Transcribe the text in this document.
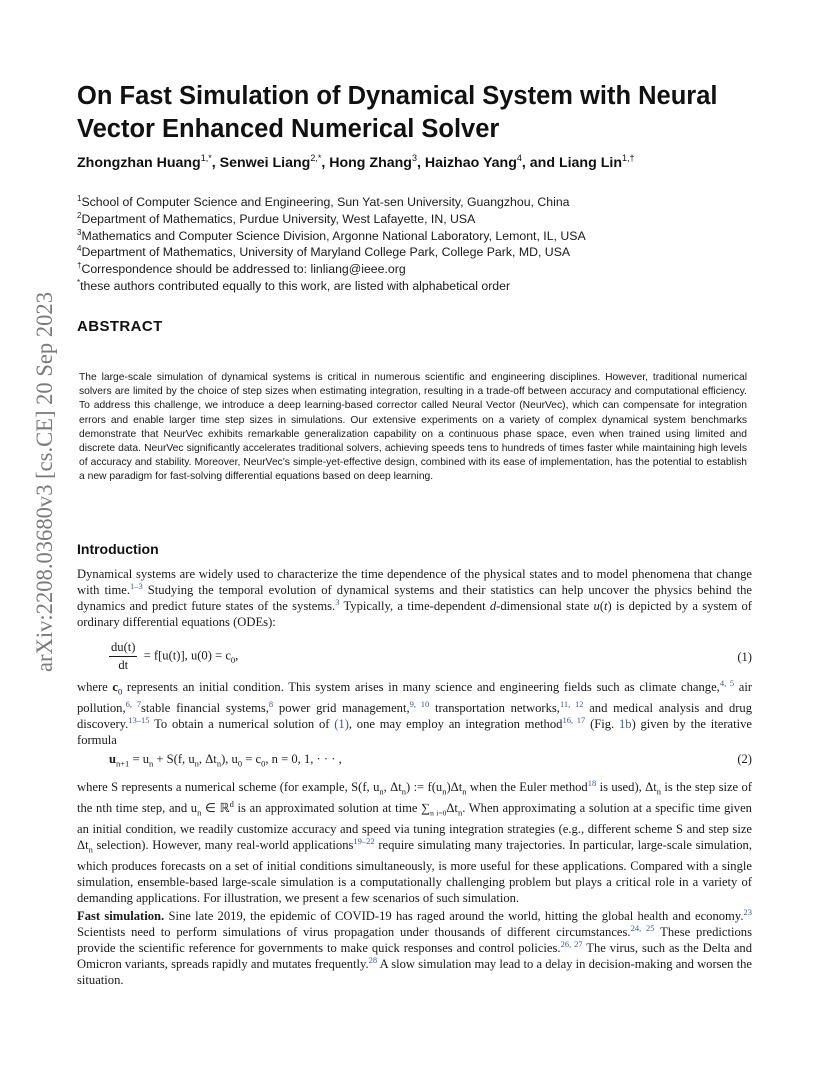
arXiv:2208.03680v3 [cs.CE] 20 Sep 2023
On Fast Simulation of Dynamical System with Neural Vector Enhanced Numerical Solver
Zhongzhan Huang$^{1,*}$, Senwei Liang$^{2,*}$, Hong Zhang$^3$, Haizhao Yang$^4$, and Liang Lin$^{1,\dagger}$
$^1$School of Computer Science and Engineering, Sun Yat-sen University, Guangzhou, China
$^2$Department of Mathematics, Purdue University, West Lafayette, IN, USA
$^3$Mathematics and Computer Science Division, Argonne National Laboratory, Lemont, IL, USA
$^4$Department of Mathematics, University of Maryland College Park, College Park, MD, USA
†Correspondence should be addressed to: linliang@ieee.org
*these authors contributed equally to this work, are listed with alphabetical order
ABSTRACT
The large-scale simulation of dynamical systems is critical in numerous scientific and engineering disciplines. However, traditional numerical solvers are limited by the choice of step sizes when estimating integration, resulting in a trade-off between accuracy and computational efficiency. To address this challenge, we introduce a deep learning-based corrector called Neural Vector (NeurVec), which can compensate for integration errors and enable larger time step sizes in simulations. Our extensive experiments on a variety of complex dynamical system benchmarks demonstrate that NeurVec exhibits remarkable generalization capability on a continuous phase space, even when trained using limited and discrete data. NeurVec significantly accelerates traditional solvers, achieving speeds tens to hundreds of times faster while maintaining high levels of accuracy and stability. Moreover, NeurVec's simple-yet-effective design, combined with its ease of implementation, has the potential to establish a new paradigm for fast-solving differential equations based on deep learning.
Introduction
Dynamical systems are widely used to characterize the time dependence of the physical states and to model phenomena that change with time.$^{1-3}$ Studying the temporal evolution of dynamical systems and their statistics can help uncover the physics behind the dynamics and predict future states of the systems.$^3$ Typically, a time-dependent d-dimensional state u(t) is depicted by a system of ordinary differential equations (ODEs):
$\frac{du(t)}{dt} = f[u(t)]$, $u(0) = c_0$,	(1)
where $c_0$ represents an initial condition. This system arises in many science and engineering fields such as climate change,$^{4, 5}$ air pollution,$^{6, 7}$stable financial systems,$^8$ power grid management,$^{9, 10}$ transportation networks,$^{11, 12}$ and medical analysis and drug discovery.$^{13-15}$ To obtain a numerical solution of (1), one may employ an integration method$^{16, 17}$ (Fig. 1b) given by the iterative formula
$u_{n+1} = u_n + S(f$, $u_n$, $\Delta t_n$), $u_0 = c_0$, n = 0, 1, · · · ,	(2)
where S represents a numerical scheme (for example, S(f, $u_n$, $\Delta t_n$) := $f(u_n)\Delta t_n$ when the Euler method$^{18}$ is used), $\Delta t_n$ is the step size of the nth time step, and $u_n$ ∈ ℝ$^d$ is an approximated solution at time $\sum_{n i=0}\Delta t_n$. When approximating a solution at a specific time given an initial condition, we readily customize accuracy and speed via tuning integration strategies (e.g., different scheme S and step size $\Delta t_n$ selection). However, many real-world applications$^{19-22}$ require simulating many trajectories. In particular, large-scale simulation, which produces forecasts on a set of initial conditions simultaneously, is more useful for these applications. Compared with a single simulation, ensemble-based large-scale simulation is a computationally challenging problem but plays a critical role in a variety of demanding applications. For illustration, we present a few scenarios of such simulation.
Fast simulation. Sine late 2019, the epidemic of COVID-19 has raged around the world, hitting the global health and economy.$^{23}$ Scientists need to perform simulations of virus propagation under thousands of different circumstances.$^{24, 25}$ These predictions provide the scientific reference for governments to make quick responses and control policies.$^{26, 27}$ The virus, such as the Delta and Omicron variants, spreads rapidly and mutates frequently.$^{28}$ A slow simulation may lead to a delay in decision-making and worsen the situation.
